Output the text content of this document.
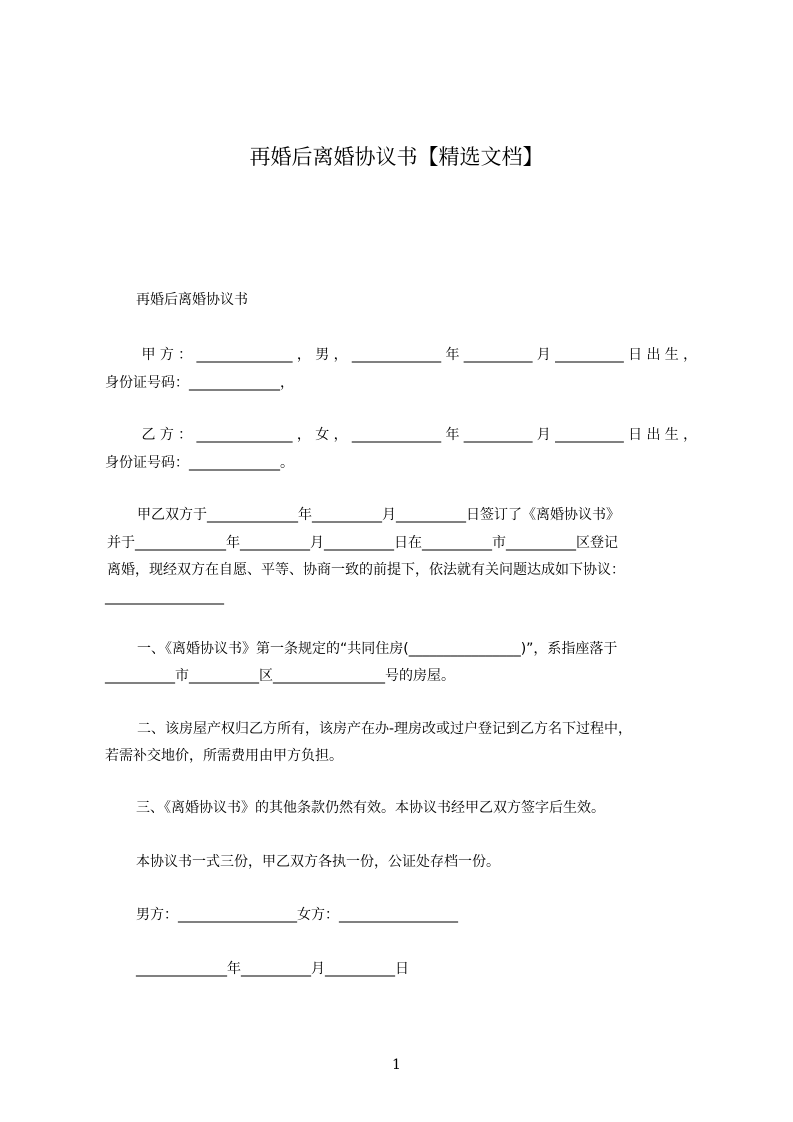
再婚后离婚协议书【精选文档】
再婚后离婚协议书
甲方：______________，男，_____________年__________月__________日出生，
身份证号码：_____________，
乙方：______________，女，_____________年__________月__________日出生，
身份证号码：_____________。
甲乙双方于_____________年__________月__________日签订了《离婚协议书》
并于_____________年__________月__________日在__________市__________区登记
离婚，现经双方在自愿、平等、协商一致的前提下，依法就有关问题达成如下协议：
_________________
一、《离婚协议书》第一条规定的“共同住房(________________)”，系指座落于
__________市__________区________________号的房屋。
二、该房屋产权归乙方所有，该房产在办-理房改或过户登记到乙方名下过程中，
若需补交地价，所需费用由甲方负担。
三、《离婚协议书》的其他条款仍然有效。本协议书经甲乙双方签字后生效。
本协议书一式三份，甲乙双方各执一份，公证处存档一份。
男方：_________________女方：_________________
_____________年__________月__________日
1
